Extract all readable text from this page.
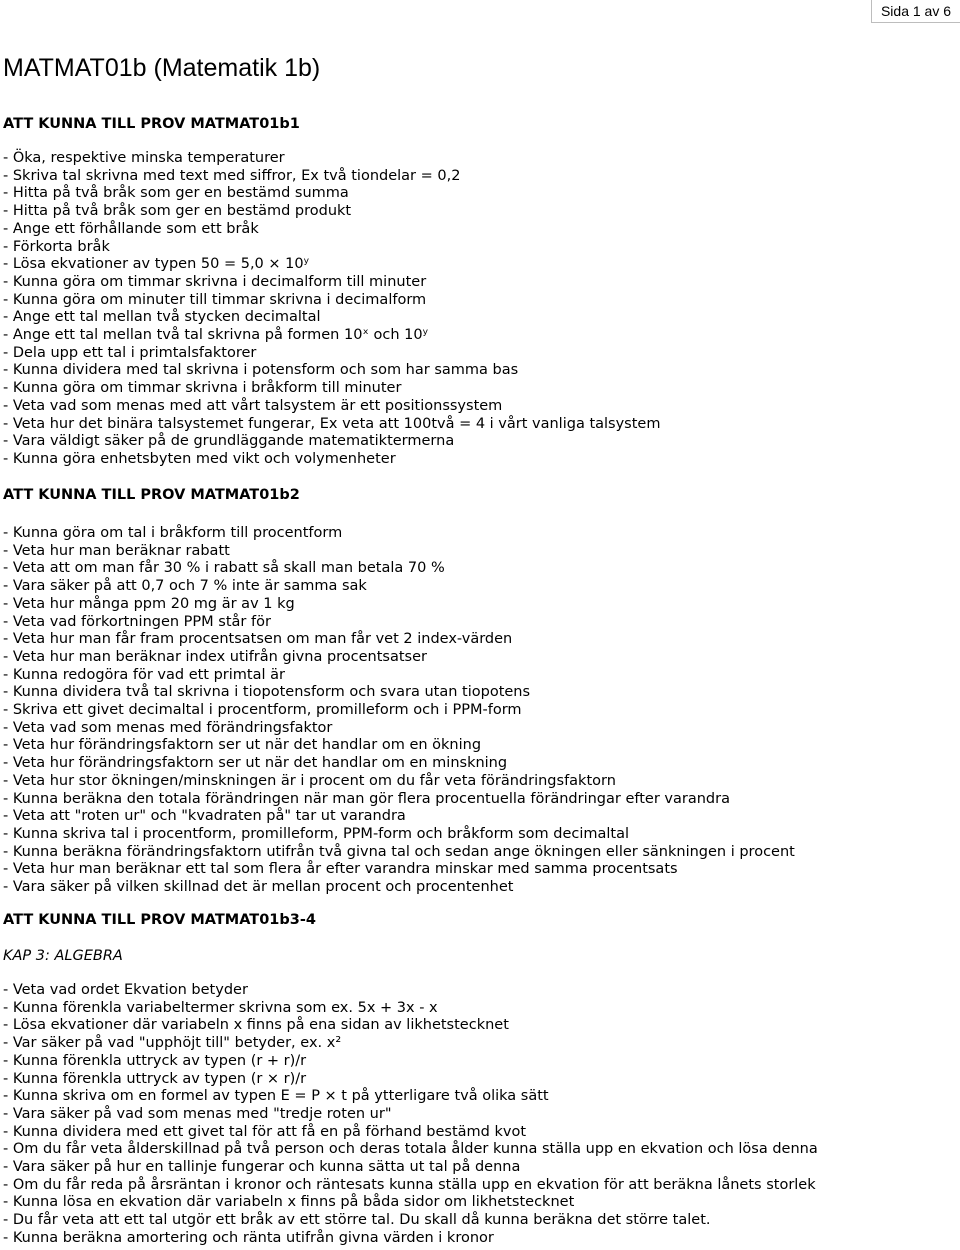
Sida 1 av 6
MATMAT01b (Matematik 1b)
ATT KUNNA TILL PROV MATMAT01b1
- Öka, respektive minska temperaturer
- Skriva tal skrivna med text med siffror, Ex två tiondelar = 0,2
- Hitta på två bråk som ger en bestämd summa
- Hitta på två bråk som ger en bestämd produkt
- Ange ett förhållande som ett bråk
- Förkorta bråk
- Lösa ekvationer av typen 50 = 5,0 × 10ʸ
- Kunna göra om timmar skrivna i decimalform till minuter
- Kunna göra om minuter till timmar skrivna i decimalform
- Ange ett tal mellan två stycken decimaltal
- Ange ett tal mellan två tal skrivna på formen 10ˣ och 10ʸ
- Dela upp ett tal i primtalsfaktorer
- Kunna dividera med tal skrivna i potensform och som har samma bas
- Kunna göra om timmar skrivna i bråkform till minuter
- Veta vad som menas med att vårt talsystem är ett positionssystem
- Veta hur det binära talsystemet fungerar, Ex veta att 100två = 4 i vårt vanliga talsystem
- Vara väldigt säker på de grundläggande matematiktermerna
- Kunna göra enhetsbyten med vikt och volymenheter
ATT KUNNA TILL PROV MATMAT01b2
- Kunna göra om tal i bråkform till procentform
- Veta hur man beräknar rabatt
- Veta att om man får 30 % i rabatt så skall man betala 70 %
- Vara säker på att 0,7 och 7 % inte är samma sak
- Veta hur många ppm 20 mg är av 1 kg
- Veta vad förkortningen PPM står för
- Veta hur man får fram procentsatsen om man får vet 2 index-värden
- Veta hur man beräknar index utifrån givna procentsatser
- Kunna redogöra för vad ett primtal är
- Kunna dividera två tal skrivna i tiopotensform och svara utan tiopotens
- Skriva ett givet decimaltal i procentform, promilleform och i PPM-form
- Veta vad som menas med förändringsfaktor
- Veta hur förändringsfaktorn ser ut när det handlar om en ökning
- Veta hur förändringsfaktorn ser ut när det handlar om en minskning
- Veta hur stor ökningen/minskningen är i procent om du får veta förändringsfaktorn
- Kunna beräkna den totala förändringen när man gör flera procentuella förändringar efter varandra
- Veta att "roten ur" och "kvadraten på" tar ut varandra
- Kunna skriva tal i procentform, promilleform, PPM-form och bråkform som decimaltal
- Kunna beräkna förändringsfaktorn utifrån två givna tal och sedan ange ökningen eller sänkningen i procent
- Veta hur man beräknar ett tal som flera år efter varandra minskar med samma procentsats
- Vara säker på vilken skillnad det är mellan procent och procentenhet
ATT KUNNA TILL PROV MATMAT01b3-4

KAP 3: ALGEBRA

- Veta vad ordet Ekvation betyder
- Kunna förenkla variabeltermer skrivna som ex. 5x + 3x - x
- Lösa ekvationer där variabeln x finns på ena sidan av likhetstecknet
- Var säker på vad "upphöjt till" betyder, ex. x²
- Kunna förenkla uttryck av typen (r + r)/r
- Kunna förenkla uttryck av typen (r × r)/r
- Kunna skriva om en formel av typen E = P × t på ytterligare två olika sätt
- Vara säker på vad som menas med "tredje roten ur"
- Kunna dividera med ett givet tal för att få en på förhand bestämd kvot
- Om du får veta ålderskillnad på två person och deras totala ålder kunna ställa upp en ekvation och lösa denna
- Vara säker på hur en tallinje fungerar och kunna sätta ut tal på denna
- Om du får reda på årsräntan i kronor och räntesats kunna ställa upp en ekvation för att beräkna lånets storlek
- Kunna lösa en ekvation där variabeln x finns på båda sidor om likhetstecknet
- Du får veta att ett tal utgör ett bråk av ett större tal. Du skall då kunna beräkna det större talet.
- Kunna beräkna amortering och ränta utifrån givna värden i kronor
